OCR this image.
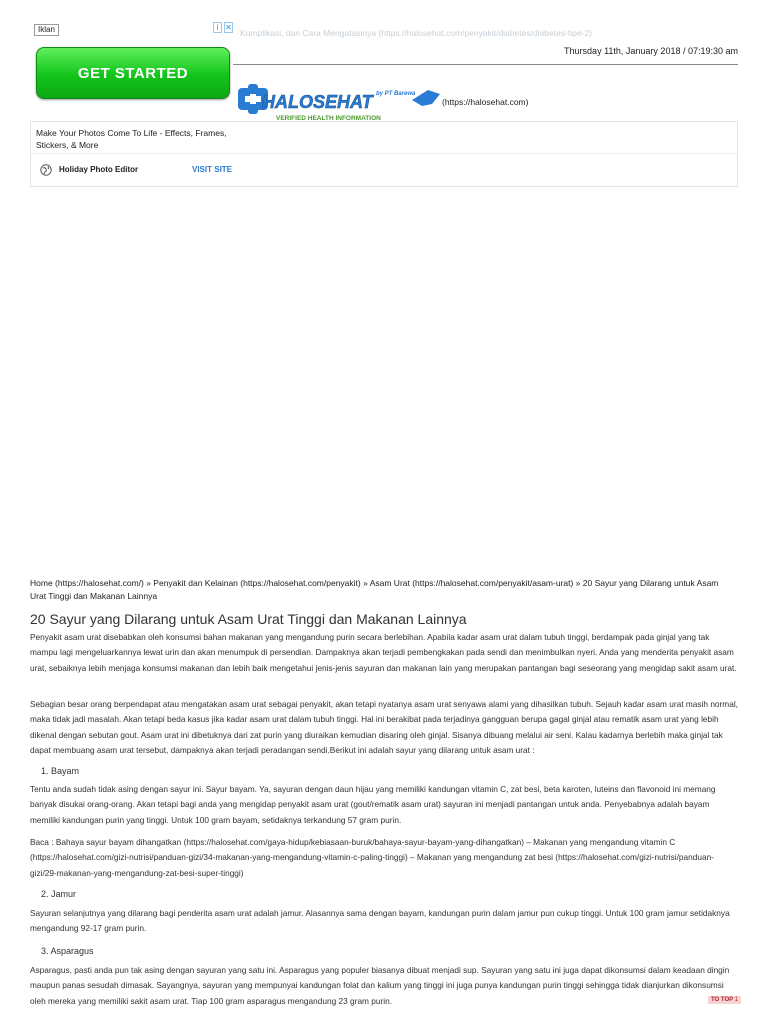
Iklan	i ✕
Komplikasi, dan Cara Mengatasinya (https://halosehat.com/penyakit/diabetes/diabetes-tipe-2)
GET STARTED
Thursday 11th, January 2018 / 07:19:30 am
HALOSEHAT by PT Barewa
VERIFIED HEALTH INFORMATION
(https://halosehat.com)
Make Your Photos Come To Life - Effects, Frames, Stickers, & More
Holiday Photo Editor	VISIT SITE
Home (https://halosehat.com/) » Penyakit dan Kelainan (https://halosehat.com/penyakit) » Asam Urat (https://halosehat.com/penyakit/asam-urat) » 20 Sayur yang Dilarang untuk Asam Urat Tinggi dan Makanan Lainnya
20 Sayur yang Dilarang untuk Asam Urat Tinggi dan Makanan Lainnya
Penyakit asam urat disebabkan oleh konsumsi bahan makanan yang mengandung purin secara berlebihan. Apabila kadar asam urat dalam tubuh tinggi, berdampak pada ginjal yang tak mampu lagi mengeluarkannya lewat urin dan akan menumpuk di persendian. Dampaknya akan terjadi pembengkakan pada sendi dan menimbulkan nyeri. Anda yang menderita penyakit asam urat, sebaiknya lebih menjaga konsumsi makanan dan lebih baik mengetahui jenis-jenis sayuran dan makanan lain yang merupakan pantangan bagi seseorang yang mengidap sakit asam urat.
Sebagian besar orang berpendapat atau mengatakan asam urat sebagai penyakit, akan tetapi nyatanya asam urat senyawa alami yang dihasilkan tubuh. Sejauh kadar asam urat masih normal, maka tidak jadi masalah. Akan tetapi beda kasus jika kadar asam urat dalam tubuh tinggi. Hal ini berakibat pada terjadinya gangguan berupa gagal ginjal atau rematik asam urat yang lebih dikenal dengan sebutan gout. Asam urat ini dibetuknya dari zat purin yang diuraikan kemudian disaring oleh ginjal. Sisanya dibuang melalui air seni. Kalau kadarnya berlebih maka ginjal tak dapat membuang asam urat tersebut, dampaknya akan terjadi peradangan sendi.Berikut ini adalah sayur yang dilarang untuk asam urat :
1. Bayam
Tentu anda sudah tidak asing dengan sayur ini. Sayur bayam. Ya, sayuran dengan daun hijau yang memiliki kandungan vitamin C, zat besi, beta karoten, luteins dan flavonoid ini memang banyak disukai orang-orang. Akan tetapi bagi anda yang mengidap penyakit asam urat (gout/rematik asam urat) sayuran ini menjadi pantangan untuk anda. Penyebabnya adalah bayam memiliki kandungan purin yang tinggi. Untuk 100 gram bayam, setidaknya terkandung 57 gram purin.
Baca : Bahaya sayur bayam dihangatkan (https://halosehat.com/gaya-hidup/kebiasaan-buruk/bahaya-sayur-bayam-yang-dihangatkan) – Makanan yang mengandung vitamin C (https://halosehat.com/gizi-nutrisi/panduan-gizi/34-makanan-yang-mengandung-vitamin-c-paling-tinggi) – Makanan yang mengandung zat besi (https://halosehat.com/gizi-nutrisi/panduan-gizi/29-makanan-yang-mengandung-zat-besi-super-tinggi)
2. Jamur
Sayuran selanjutnya yang dilarang bagi penderita asam urat adalah jamur. Alasannya sama dengan bayam, kandungan purin dalam jamur pun cukup tinggi. Untuk 100 gram jamur setidaknya mengandung 92-17 gram purin.
3. Asparagus
Asparagus, pasti anda pun tak asing dengan sayuran yang satu ini. Asparagus yang populer biasanya dibuat menjadi sup. Sayuran yang satu ini juga dapat dikonsumsi dalam keadaan dingin maupun panas sesudah dimasak. Sayangnya, sayuran yang mempunyai kandungan folat dan kalium yang tinggi ini juga punya kandungan purin tinggi sehingga tidak dianjurkan dikonsumsi oleh mereka yang memiliki sakit asam urat. Tiap 100 gram asparagus mengandung 23 gram purin.	TO TOP 1
